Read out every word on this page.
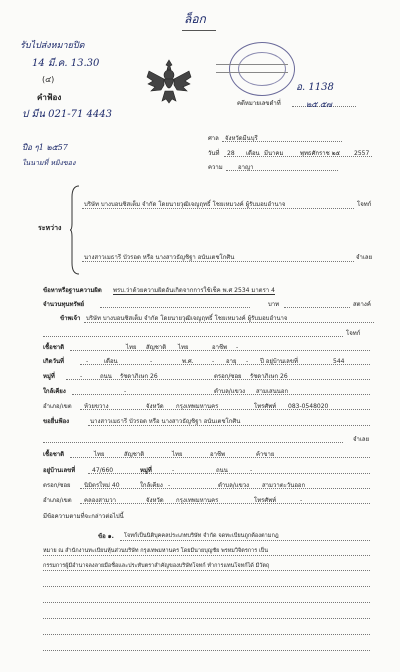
รับไปส่งหมายปิด
14 มี.ค. 13.30
(๔)
คำฟ้อง
ป มีน 021-71 4443
ปือ ๆ1 ๒๕57
ในนามที่ หมิงของ
ล็อก
อ. 1138
คดีหมายเลขดำที่	๒๕ ๕๗
ศาล จังหวัดมีนบุรี
วันที่ 28 เดือน มีนาคม	พุทธศักราช ๒๕ 2557
ความ	อาญา
ระหว่าง
บริษัท บางบอนซิสเต็ม จำกัด โดยนายวุฒิเจญฤทธิ์ โชยเหมวงค์ ผู้รับมอบอำนาจ	โจทก์
นางสาวเมธารี บัวรอด หรือ นางสาวธัญชิฐา อนันเตชโกศิน	จำเลย
ข้อหาหรือฐานความผิด พรบ.ว่าด้วยความผิดอันเกิดจากการใช้เช็ค พ.ศ 2534 มาตรา 4
จำนวนทุนทรัพย์	บาท	สตางค์
ข้าพเจ้า บริษัท บางบอนซิสเต็ม จำกัด โดยนายวุฒิเจญฤทธิ์ โชยเหมวงค์ ผู้รับมอบอำนาจ
โจทก์
เชื้อชาติ	ไทย สัญชาติ ไทย	อาชีพ -
เกิดวันที่	-	เดือน	-	พ.ศ.	- อายุ - ปี อยู่บ้านเลขที่	544
หมู่ที่	-	ถนน รัชดาภิเษก 26	ตรอก/ซอย รัชดาภิเษก 26
ใกล้เคียง	-	ตำบล/แขวง สามเสนนอก
อำเภอ/เขต ห้วยขวาง	จังหวัด กรุงเทพมหานคร	โทรศัพท์ 083-0548020
ขอยื่นฟ้อง	นางสาวเมธารี บัวรอด หรือ นางสาวธัญชิฐา อนันเตชโกศิน
จำเลย
เชื้อชาติ	ไทย	สัญชาติ	ไทย	อาชีพ	ค้าขาย
อยู่บ้านเลขที่	47/660	หมู่ที่	-	ถนน	-
ตรอก/ซอย นิมิตรใหม่ 40	ใกล้เคียง -	ตำบล/แขวง สามวาตะวันออก
อำเภอ/เขต คลองสามวา	จังหวัด กรุงเทพมหานคร	โทรศัพท์	-
มีข้อความตามที่จะกล่าวต่อไปนี้
ข้อ ๑. โจทก์เป็นนิติบุคคลประเภทบริษัท จำกัด จดทะเบียนถูกต้องตามกฎ
หมาย ณ สำนักงานทะเบียนหุ้นส่วนบริษัท กรุงเทพมหานคร โดยมีนายบุญชัย พรหมวิจิตรการ เป็น
กรรมการผู้มีอำนาจลงลายมือชื่อและประทับตราสำคัญของบริษัทโจทก์ ทำการแทนโจทก์ได้ มีวัตถุ
